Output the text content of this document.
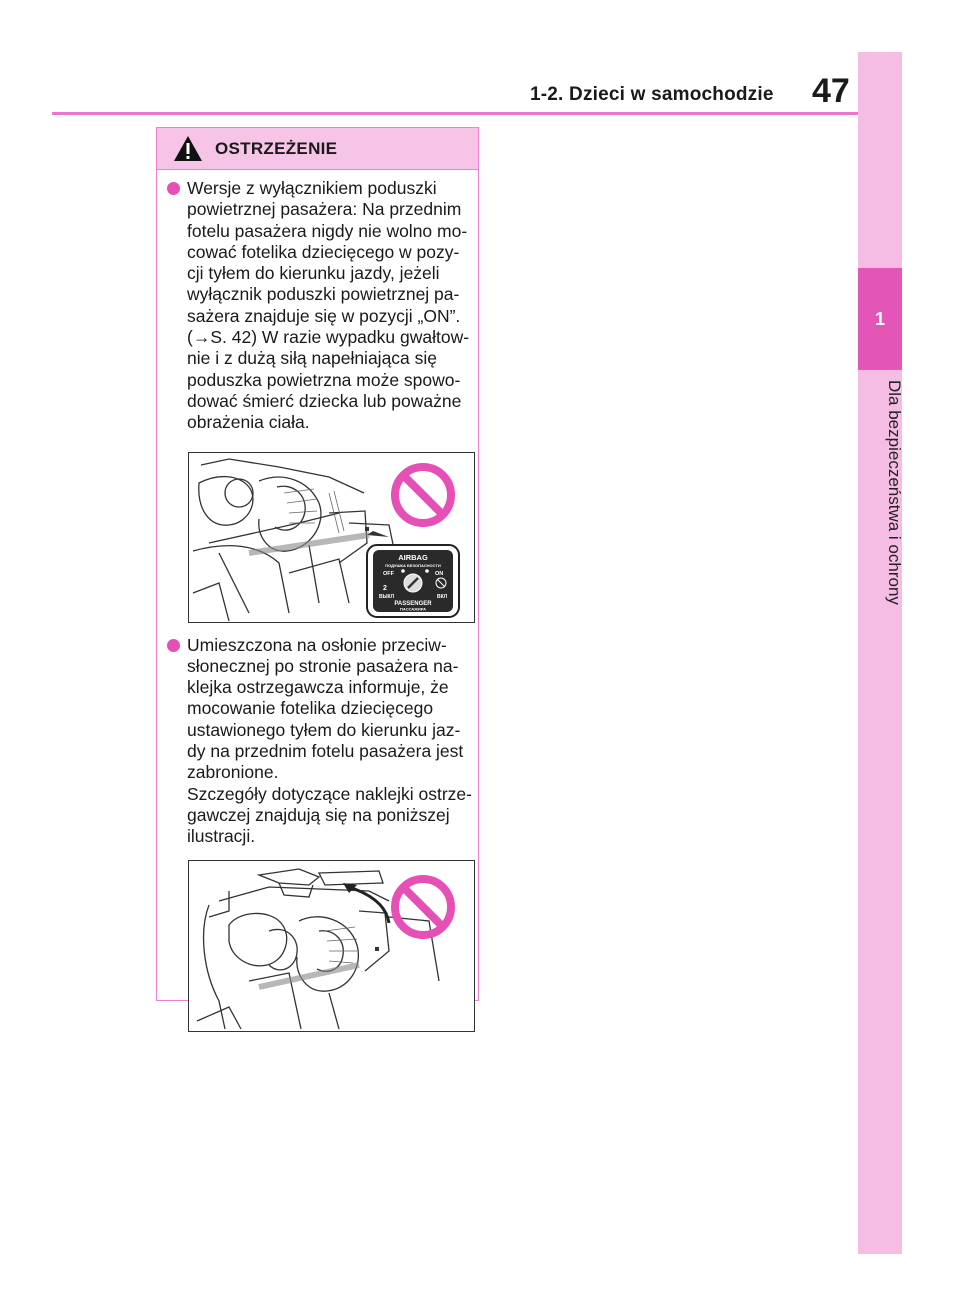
1-2. Dzieci w samochodzie 47
1
Dla bezpieczeństwa i ochrony
OSTRZEŻENIE
Wersje z wyłącznikiem poduszki
powietrznej pasażera: Na przednim
fotelu pasażera nigdy nie wolno mo-
cować fotelika dziecięcego w pozy-
cji tyłem do kierunku jazdy, jeżeli
wyłącznik poduszki powietrznej pa-
sażera znajduje się w pozycji „ON”.
(→S. 42) W razie wypadku gwałtow-
nie i z dużą siłą napełniająca się
poduszka powietrzna może spowo-
dować śmierć dziecka lub poważne
obrażenia ciała.
AIRBAG
ПОДУШКА БЕЗОПАСНОСТИ
OFF	ON
2
ВЫКЛ	ВКЛ
PASSENGER
ПАССАЖИРА
Umieszczona na osłonie przeciw-
słonecznej po stronie pasażera na-
klejka ostrzegawcza informuje, że
mocowanie fotelika dziecięcego
ustawionego tyłem do kierunku jaz-
dy na przednim fotelu pasażera jest
zabronione.
Szczegóły dotyczące naklejki ostrze-
gawczej znajdują się na poniższej
ilustracji.
